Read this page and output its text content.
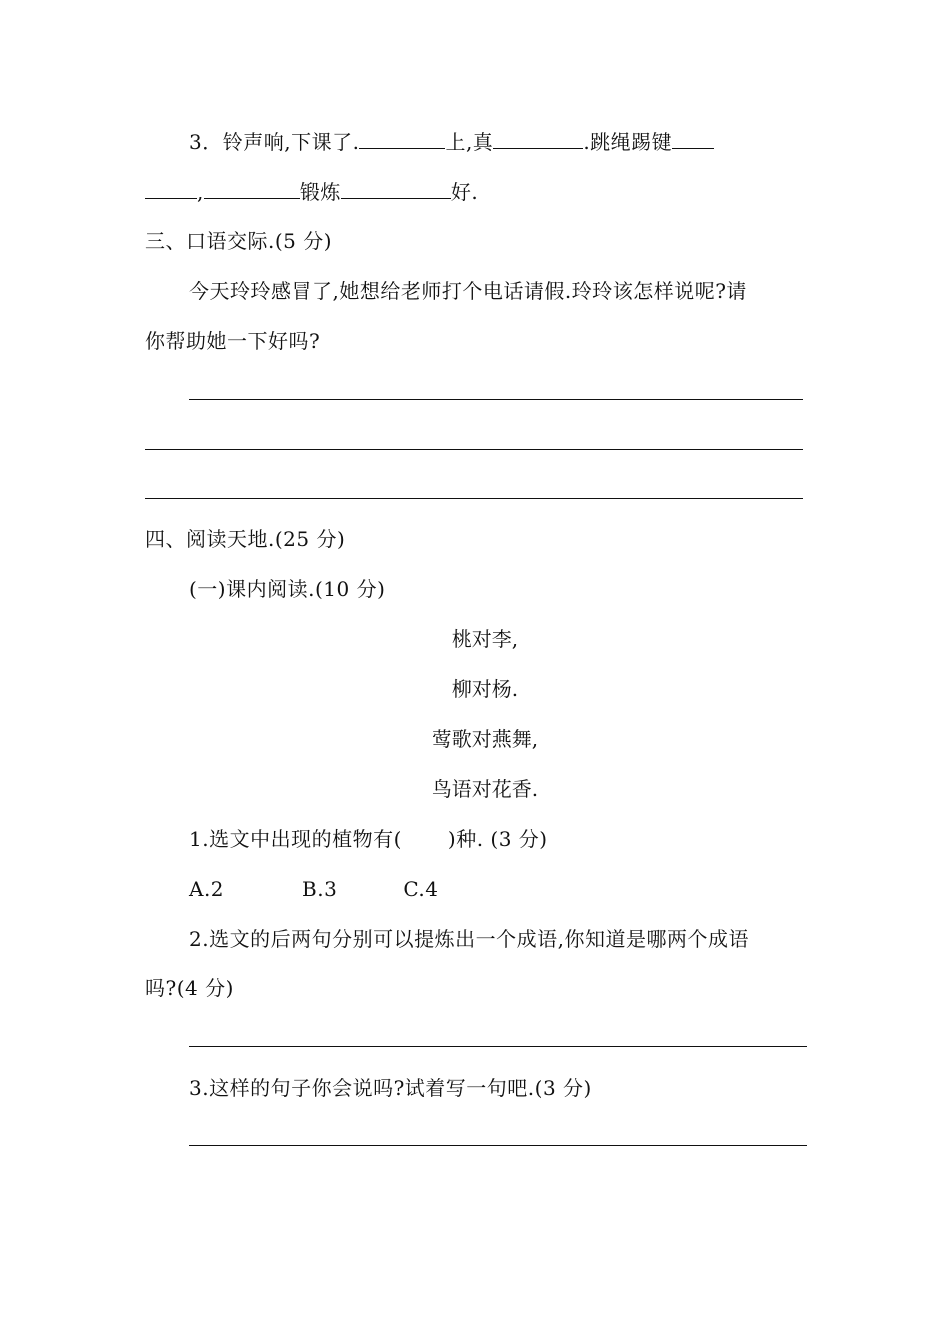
3．铃声响,下课了.	上,真	.跳绳踢键
,	锻炼	好.
三、口语交际.(5 分)
今天玲玲感冒了,她想给老师打个电话请假.玲玲该怎样说呢?请
你帮助她一下好吗?
四、阅读天地.(25 分)
(一)课内阅读.(10 分)
桃对李,
柳对杨.
莺歌对燕舞,
鸟语对花香.
1.选文中出现的植物有( )种. (3 分)
A.2	B.3	C.4
2.选文的后两句分别可以提炼出一个成语,你知道是哪两个成语
吗?(4 分)
3.这样的句子你会说吗?试着写一句吧.(3 分)
